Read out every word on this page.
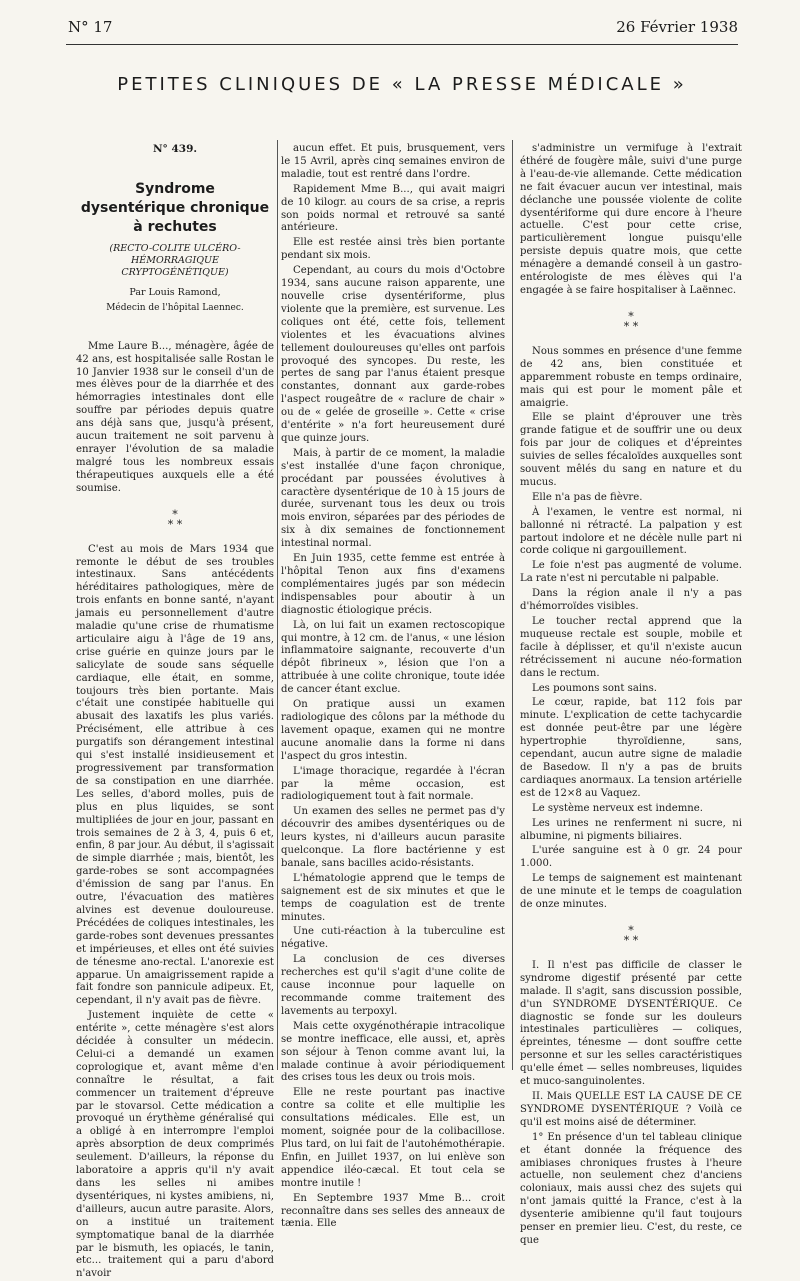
N° 17	26 Février 1938
PETITES CLINIQUES DE « LA PRESSE MÉDICALE »
N° 439.
Syndrome
dysentérique chronique
à rechutes
(RECTO-COLITE ULCÉRO-HÉMORRAGIQUE CRYPTOGÉNÉTIQUE)
Par Louis Ramond,
Médecin de l'hôpital Laennec.

Mme Laure B..., ménagère, âgée de 42 ans, est hospitalisée salle Rostan le 10 Janvier 1938 sur le conseil d'un de mes élèves pour de la diarrhée et des hémorragies intestinales dont elle souffre par périodes depuis quatre ans déjà sans que, jusqu'à présent, aucun traitement ne soit parvenu à enrayer l'évolution de sa maladie malgré tous les nombreux essais thérapeutiques auxquels elle a été soumise.

*
* *

C'est au mois de Mars 1934 que remonte le début de ses troubles intestinaux. Sans antécédents héréditaires pathologiques, mère de trois enfants en bonne santé, n'ayant jamais eu personnellement d'autre maladie qu'une crise de rhumatisme articulaire aigu à l'âge de 19 ans, crise guérie en quinze jours par le salicylate de soude sans séquelle cardiaque, elle était, en somme, toujours très bien portante. Mais c'était une constipée habituelle qui abusait des laxatifs les plus variés. Précisément, elle attribue à ces purgatifs son dérangement intestinal qui s'est installé insidieusement et progressivement par transformation de sa constipation en une diarrhée. Les selles, d'abord molles, puis de plus en plus liquides, se sont multipliées de jour en jour, passant en trois semaines de 2 à 3, 4, puis 6 et, enfin, 8 par jour. Au début, il s'agissait de simple diarrhée ; mais, bientôt, les garde-robes se sont accompagnées d'émission de sang par l'anus. En outre, l'évacuation des matières alvines est devenue douloureuse. Précédées de coliques intestinales, les garde-robes sont devenues pressantes et impérieuses, et elles ont été suivies de ténesme ano-rectal. L'anorexie est apparue. Un amaigrissement rapide a fait fondre son pannicule adipeux. Et, cependant, il n'y avait pas de fièvre.

Justement inquiète de cette « entérite », cette ménagère s'est alors décidée à consulter un médecin. Celui-ci a demandé un examen coprologique et, avant même d'en connaître le résultat, a fait commencer un traitement d'épreuve par le stovarsol. Cette médication a provoqué un érythème généralisé qui a obligé à en interrompre l'emploi après absorption de deux comprimés seulement. D'ailleurs, la réponse du laboratoire a appris qu'il n'y avait dans les selles ni amibes dysentériques, ni kystes amibiens, ni, d'ailleurs, aucun autre parasite. Alors, on a institué un traitement symptomatique banal de la diarrhée par le bismuth, les opiacés, le tanin, etc... traitement qui a paru d'abord n'avoir

aucun effet. Et puis, brusquement, vers le 15 Avril, après cinq semaines environ de maladie, tout est rentré dans l'ordre.

Rapidement Mme B..., qui avait maigri de 10 kilogr. au cours de sa crise, a repris son poids normal et retrouvé sa santé antérieure.

Elle est restée ainsi très bien portante pendant six mois.

Cependant, au cours du mois d'Octobre 1934, sans aucune raison apparente, une nouvelle crise dysentériforme, plus violente que la première, est survenue. Les coliques ont été, cette fois, tellement violentes et les évacuations alvines tellement douloureuses qu'elles ont parfois provoqué des syncopes. Du reste, les pertes de sang par l'anus étaient presque constantes, donnant aux garde-robes l'aspect rougeâtre de « raclure de chair » ou de « gelée de groseille ». Cette « crise d'entérite » n'a fort heureusement duré que quinze jours.

Mais, à partir de ce moment, la maladie s'est installée d'une façon chronique, procédant par poussées évolutives à caractère dysentérique de 10 à 15 jours de durée, survenant tous les deux ou trois mois environ, séparées par des périodes de six à dix semaines de fonctionnement intestinal normal.

En Juin 1935, cette femme est entrée à l'hôpital Tenon aux fins d'examens complémentaires jugés par son médecin indispensables pour aboutir à un diagnostic étiologique précis.

Là, on lui fait un examen rectoscopique qui montre, à 12 cm. de l'anus, « une lésion inflammatoire saignante, recouverte d'un dépôt fibrineux », lésion que l'on a attribuée à une colite chronique, toute idée de cancer étant exclue.

On pratique aussi un examen radiologique des côlons par la méthode du lavement opaque, examen qui ne montre aucune anomalie dans la forme ni dans l'aspect du gros intestin.

L'image thoracique, regardée à l'écran par la même occasion, est radiologiquement tout à fait normale.

Un examen des selles ne permet pas d'y découvrir des amibes dysentériques ou de leurs kystes, ni d'ailleurs aucun parasite quelconque. La flore bactérienne y est banale, sans bacilles acido-résistants.

L'hématologie apprend que le temps de saignement est de six minutes et que le temps de coagulation est de trente minutes.

Une cuti-réaction à la tuberculine est négative.

La conclusion de ces diverses recherches est qu'il s'agit d'une colite de cause inconnue pour laquelle on recommande comme traitement des lavements au terpoxyl.

Mais cette oxygénothérapie intracolique se montre inefficace, elle aussi, et, après son séjour à Tenon comme avant lui, la malade continue à avoir périodiquement des crises tous les deux ou trois mois.

Elle ne reste pourtant pas inactive contre sa colite et elle multiplie les consultations médicales. Elle est, un moment, soignée pour de la colibacillose. Plus tard, on lui fait de l'autohémothérapie. Enfin, en Juillet 1937, on lui enlève son appendice iléo-cæcal. Et tout cela se montre inutile !

En Septembre 1937 Mme B... croit reconnaître dans ses selles des anneaux de tænia. Elle

s'administre un vermifuge à l'extrait éthéré de fougère mâle, suivi d'une purge à l'eau-de-vie allemande. Cette médication ne fait évacuer aucun ver intestinal, mais déclanche une poussée violente de colite dysentériforme qui dure encore à l'heure actuelle. C'est pour cette crise, particulièrement longue puisqu'elle persiste depuis quatre mois, que cette ménagère a demandé conseil à un gastro-entérologiste de mes élèves qui l'a engagée à se faire hospitaliser à Laënnec.

*
* *

Nous sommes en présence d'une femme de 42 ans, bien constituée et apparemment robuste en temps ordinaire, mais qui est pour le moment pâle et amaigrie.

Elle se plaint d'éprouver une très grande fatigue et de souffrir une ou deux fois par jour de coliques et d'épreintes suivies de selles fécaloïdes auxquelles sont souvent mêlés du sang en nature et du mucus.

Elle n'a pas de fièvre.

À l'examen, le ventre est normal, ni ballonné ni rétracté. La palpation y est partout indolore et ne décèle nulle part ni corde colique ni gargouillement.

Le foie n'est pas augmenté de volume. La rate n'est ni percutable ni palpable.

Dans la région anale il n'y a pas d'hémorroïdes visibles.

Le toucher rectal apprend que la muqueuse rectale est souple, mobile et facile à déplisser, et qu'il n'existe aucun rétrécissement ni aucune néo-formation dans le rectum.

Les poumons sont sains.

Le cœur, rapide, bat 112 fois par minute. L'explication de cette tachycardie est donnée peut-être par une légère hypertrophie thyroïdienne, sans, cependant, aucun autre signe de maladie de Basedow. Il n'y a pas de bruits cardiaques anormaux. La tension artérielle est de 12×8 au Vaquez.

Le système nerveux est indemne.

Les urines ne renferment ni sucre, ni albumine, ni pigments biliaires.

L'urée sanguine est à 0 gr. 24 pour 1.000.

Le temps de saignement est maintenant de une minute et le temps de coagulation de onze minutes.

*
* *

I. Il n'est pas difficile de classer le syndrome digestif présenté par cette malade. Il s'agit, sans discussion possible, d'un SYNDROME DYSENTÉRIQUE. Ce diagnostic se fonde sur les douleurs intestinales particulières — coliques, épreintes, ténesme — dont souffre cette personne et sur les selles caractéristiques qu'elle émet — selles nombreuses, liquides et muco-sanguinolentes.

II. Mais QUELLE EST LA CAUSE DE CE SYNDROME DYSENTÉRIQUE ? Voilà ce qu'il est moins aisé de déterminer.

1° En présence d'un tel tableau clinique et étant donnée la fréquence des amibiases chroniques frustes à l'heure actuelle, non seulement chez d'anciens coloniaux, mais aussi chez des sujets qui n'ont jamais quitté la France, c'est à la dysenterie amibienne qu'il faut toujours penser en premier lieu. C'est, du reste, ce que
